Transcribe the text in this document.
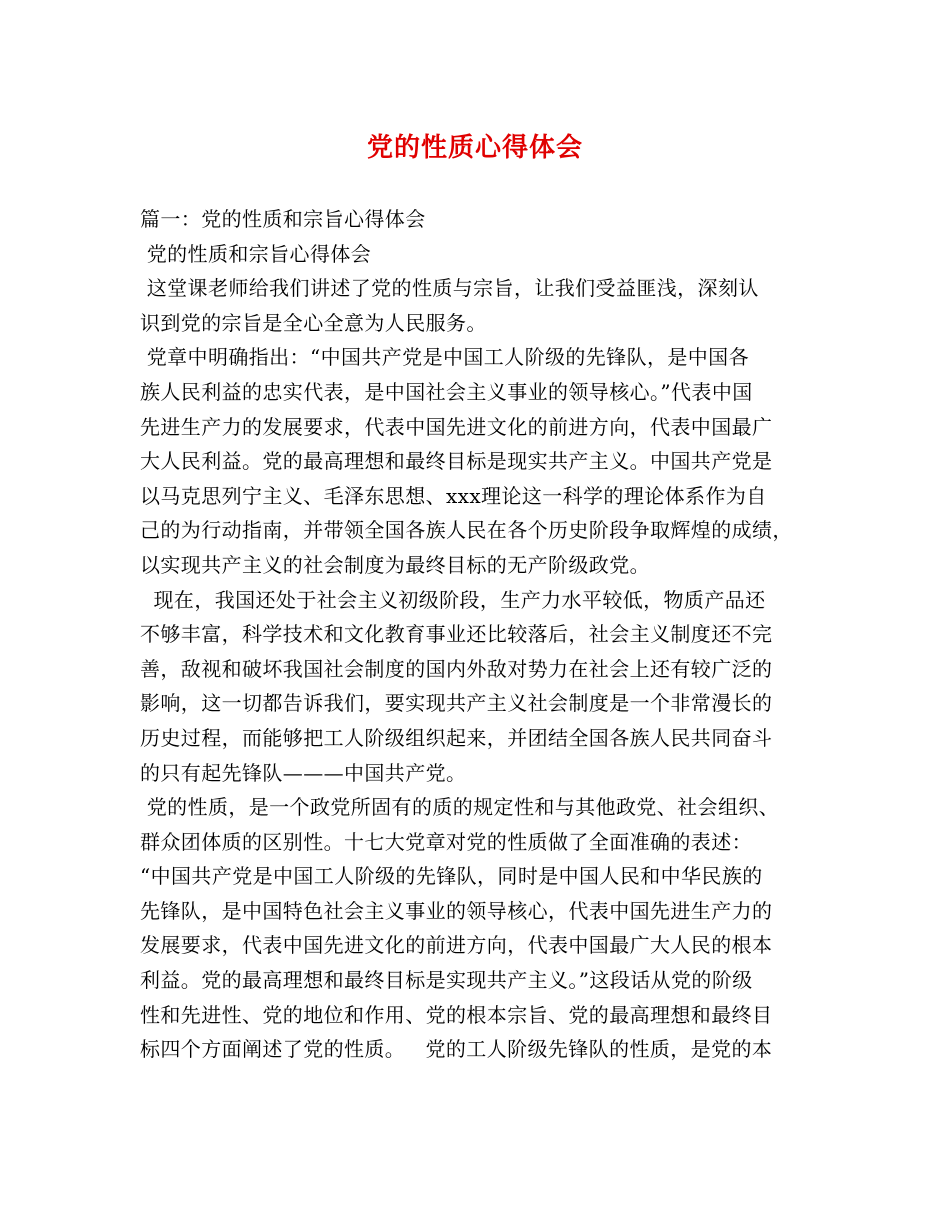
党的性质心得体会
篇一：党的性质和宗旨心得体会
党的性质和宗旨心得体会
这堂课老师给我们讲述了党的性质与宗旨，让我们受益匪浅，深刻认
识到党的宗旨是全心全意为人民服务。
党章中明确指出：“中国共产党是中国工人阶级的先锋队，是中国各
族人民利益的忠实代表，是中国社会主义事业的领导核心。”代表中国
先进生产力的发展要求，代表中国先进文化的前进方向，代表中国最广
大人民利益。党的最高理想和最终目标是现实共产主义。中国共产党是
以马克思列宁主义、毛泽东思想、xxx理论这一科学的理论体系作为自
己的为行动指南，并带领全国各族人民在各个历史阶段争取辉煌的成绩，
以实现共产主义的社会制度为最终目标的无产阶级政党。
现在，我国还处于社会主义初级阶段，生产力水平较低，物质产品还
不够丰富，科学技术和文化教育事业还比较落后，社会主义制度还不完
善，敌视和破坏我国社会制度的国内外敌对势力在社会上还有较广泛的
影响，这一切都告诉我们，要实现共产主义社会制度是一个非常漫长的
历史过程，而能够把工人阶级组织起来，并团结全国各族人民共同奋斗
的只有起先锋队———中国共产党。
党的性质，是一个政党所固有的质的规定性和与其他政党、社会组织、
群众团体质的区别性。十七大党章对党的性质做了全面准确的表述：
“中国共产党是中国工人阶级的先锋队，同时是中国人民和中华民族的
先锋队，是中国特色社会主义事业的领导核心，代表中国先进生产力的
发展要求，代表中国先进文化的前进方向，代表中国最广大人民的根本
利益。党的最高理想和最终目标是实现共产主义。”这段话从党的阶级
性和先进性、党的地位和作用、党的根本宗旨、党的最高理想和最终目
标四个方面阐述了党的性质。   党的工人阶级先锋队的性质，是党的本
